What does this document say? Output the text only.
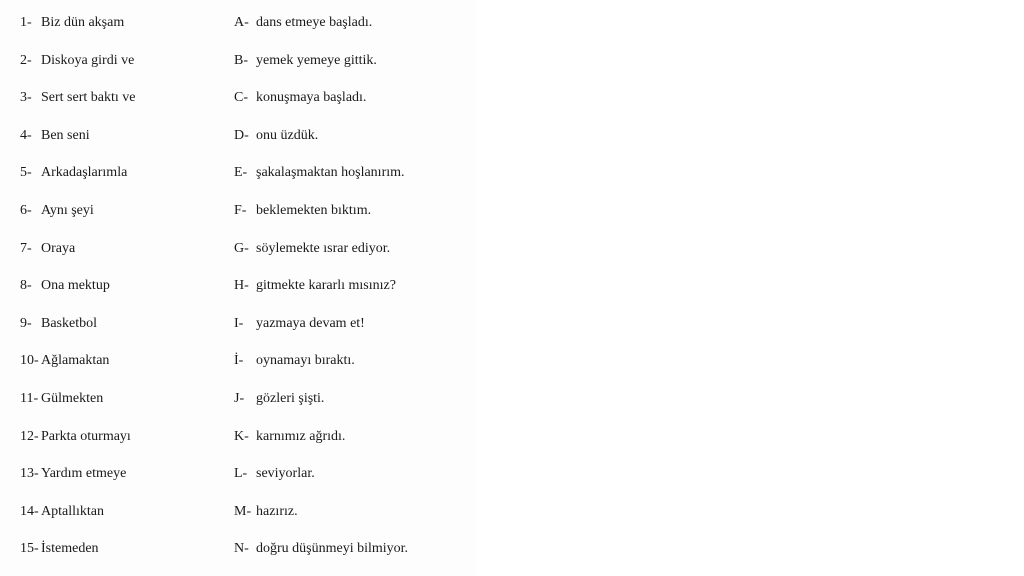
1- Biz dün akşam	A- dans etmeye başladı.
2- Diskoya girdi ve	B- yemek yemeye gittik.
3- Sert sert baktı ve	C- konuşmaya başladı.
4- Ben seni	D- onu üzdük.
5- Arkadaşlarımla	E- şakalaşmaktan hoşlanırım.
6- Aynı şeyi	F- beklemekten bıktım.
7- Oraya	G- söylemekte ısrar ediyor.
8- Ona mektup	H- gitmekte kararlı mısınız?
9- Basketbol	I- yazmaya devam et!
10- Ağlamaktan	İ- oynamayı bıraktı.
11- Gülmekten	J- gözleri şişti.
12- Parkta oturmayı	K- karnımız ağrıdı.
13- Yardım etmeye	L- seviyorlar.
14- Aptallıktan	M- hazırız.
15- İstemeden	N- doğru düşünmeyi bilmiyor.
